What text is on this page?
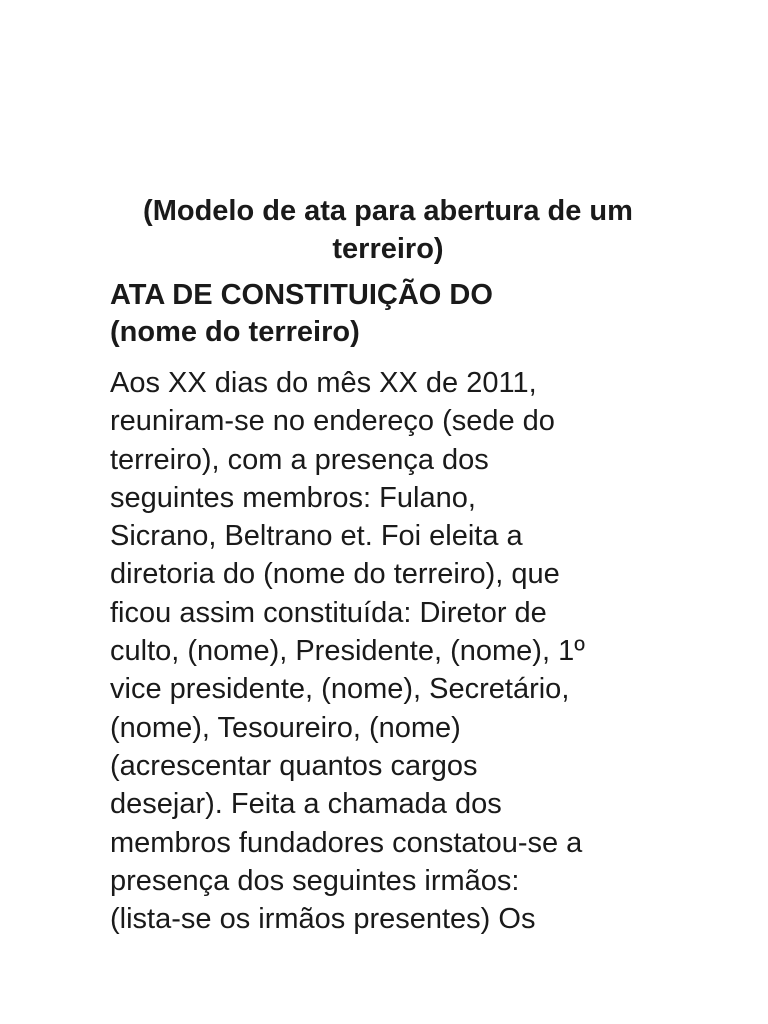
(Modelo de ata para abertura de um terreiro)

ATA DE CONSTITUIÇÃO DO
(nome do terreiro)

Aos XX dias do mês XX de 2011,
reuniram-se no endereço (sede do
terreiro), com a presença dos
seguintes membros: Fulano,
Sicrano, Beltrano et. Foi eleita a
diretoria do (nome do terreiro), que
ficou assim constituída: Diretor de
culto, (nome), Presidente, (nome), 1º
vice presidente, (nome), Secretário,
(nome), Tesoureiro, (nome)
(acrescentar quantos cargos
desejar). Feita a chamada dos
membros fundadores constatou-se a
presença dos seguintes irmãos:
(lista-se os irmãos presentes) Os
